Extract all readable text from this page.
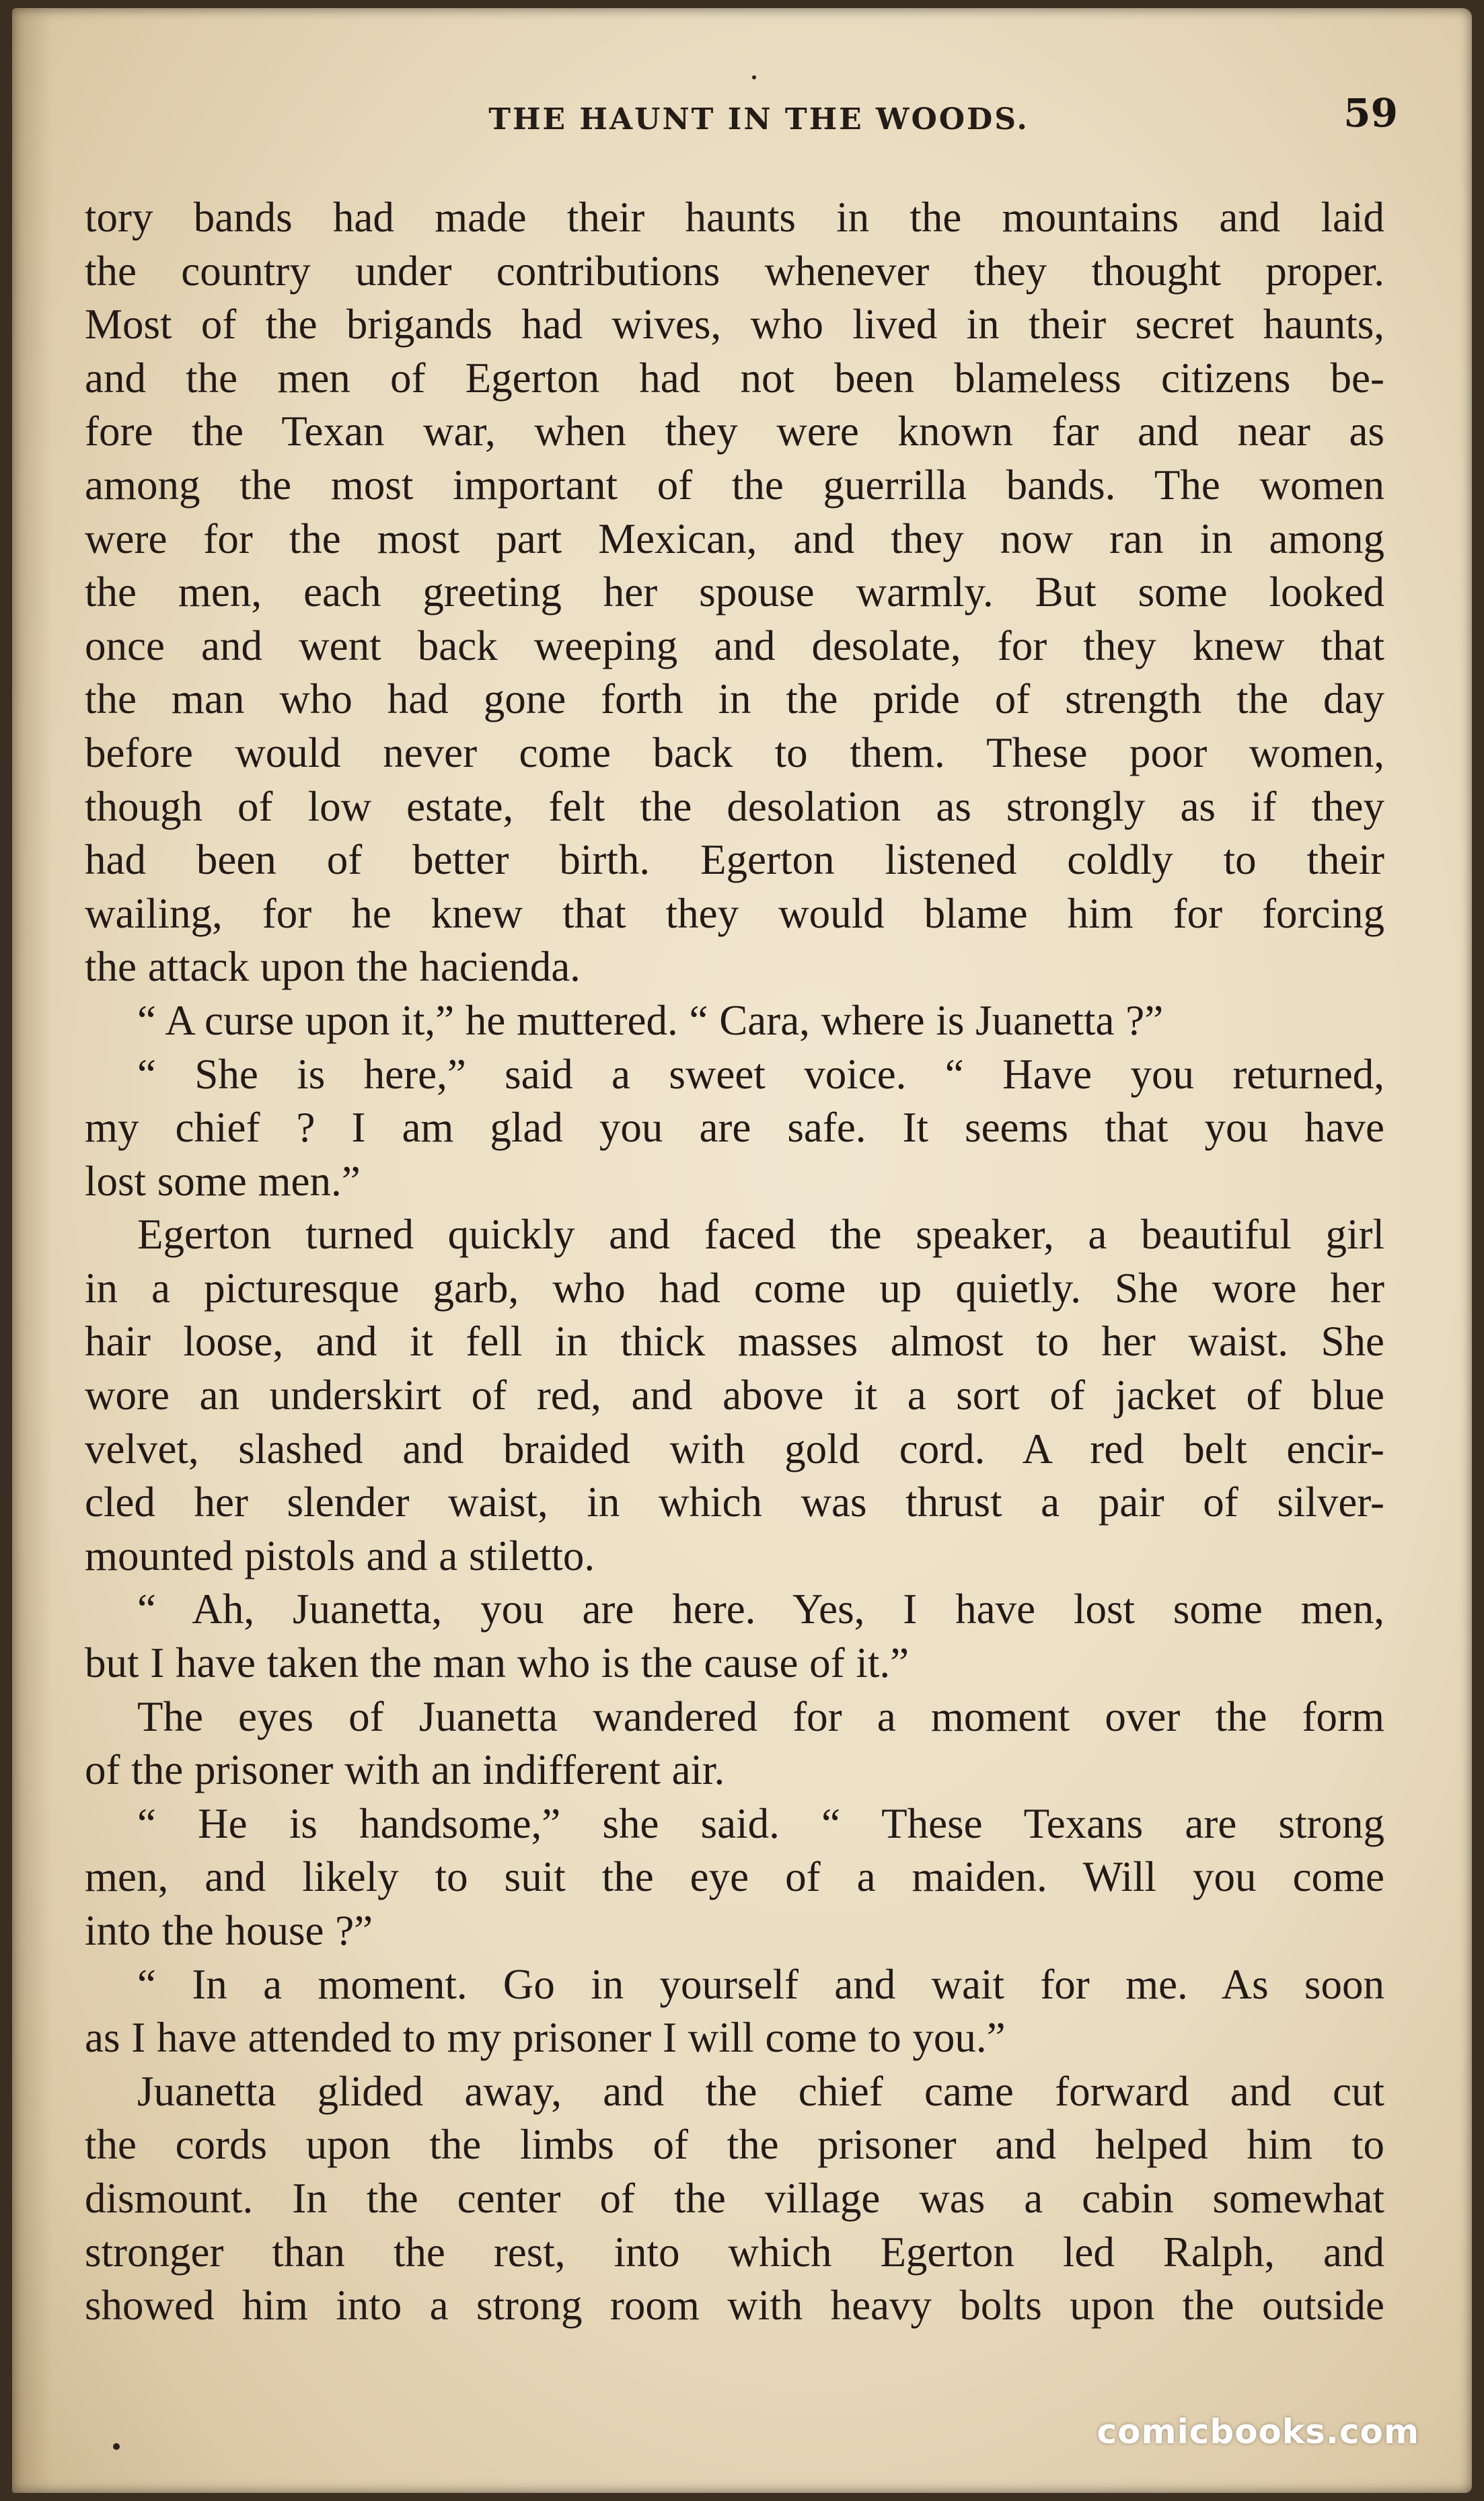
THE HAUNT IN THE WOODS.	59
tory bands had made their haunts in the mountains and laid
the country under contributions whenever they thought proper.
Most of the brigands had wives, who lived in their secret haunts,
and the men of Egerton had not been blameless citizens be-
fore the Texan war, when they were known far and near as
among the most important of the guerrilla bands. The women
were for the most part Mexican, and they now ran in among
the men, each greeting her spouse warmly. But some looked
once and went back weeping and desolate, for they knew that
the man who had gone forth in the pride of strength the day
before would never come back to them. These poor women,
though of low estate, felt the desolation as strongly as if they
had been of better birth. Egerton listened coldly to their
wailing, for he knew that they would blame him for forcing
the attack upon the hacienda.
“ A curse upon it,” he muttered. “ Cara, where is Juanetta ?”
“ She is here,” said a sweet voice. “ Have you returned,
my chief ? I am glad you are safe. It seems that you have
lost some men.”
Egerton turned quickly and faced the speaker, a beautiful girl
in a picturesque garb, who had come up quietly. She wore her
hair loose, and it fell in thick masses almost to her waist. She
wore an underskirt of red, and above it a sort of jacket of blue
velvet, slashed and braided with gold cord. A red belt encir-
cled her slender waist, in which was thrust a pair of silver-
mounted pistols and a stiletto.
“ Ah, Juanetta, you are here. Yes, I have lost some men,
but I have taken the man who is the cause of it.”
The eyes of Juanetta wandered for a moment over the form
of the prisoner with an indifferent air.
“ He is handsome,” she said. “ These Texans are strong
men, and likely to suit the eye of a maiden. Will you come
into the house ?”
“ In a moment. Go in yourself and wait for me. As soon
as I have attended to my prisoner I will come to you.”
Juanetta glided away, and the chief came forward and cut
the cords upon the limbs of the prisoner and helped him to
dismount. In the center of the village was a cabin somewhat
stronger than the rest, into which Egerton led Ralph, and
showed him into a strong room with heavy bolts upon the outside
comicbooks.com
